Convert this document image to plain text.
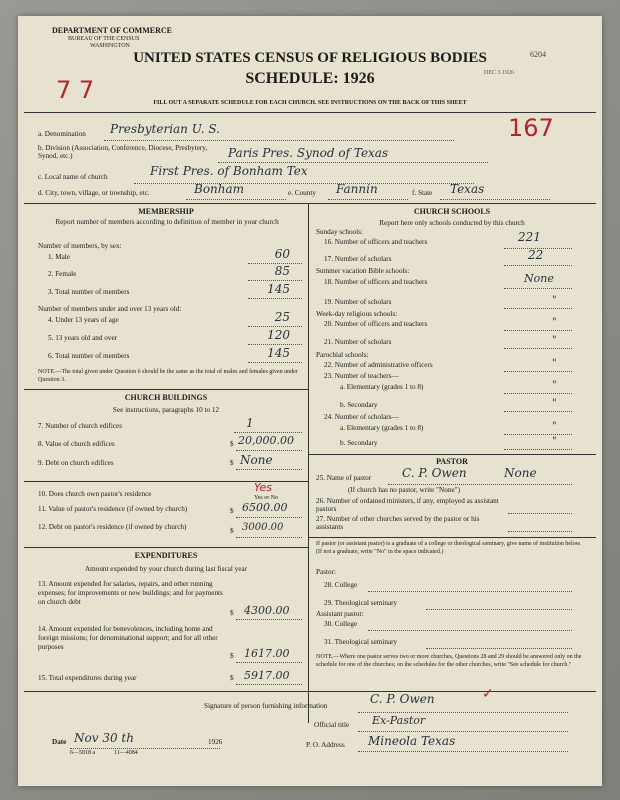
DEPARTMENT OF COMMERCE
BUREAU OF THE CENSUS
WASHINGTON
UNITED STATES CENSUS OF RELIGIOUS BODIES
SCHEDULE: 1926
FILL OUT A SEPARATE SCHEDULE FOR EACH CHURCH. SEE INSTRUCTIONS ON THE BACK OF THIS SHEET
6204
DEC 3 1926
7 7
167
a. Denomination Presbyterian U. S.
b. Division (Association, Conference, Diocese, Presbytery, Synod, etc.)	Paris Pres. Synod of Texas
c. Local name of church	First Pres. of Bonham Tex
d. City, town, village, or township, etc.	Bonham	e. County Fannin	f. State Texas
MEMBERSHIP
Report number of members according to definition of member in your church
Number of members, by sex:
1. Male	60
2. Female	85
3. Total number of members	145
Number of members under and over 13 years old:
4. Under 13 years of age	25
5. 13 years old and over	120
6. Total number of members	145
NOTE.—The total given under Question 6 should be the same as the total of males and females given under Question 3.
CHURCH BUILDINGS
See instructions, paragraphs 10 to 12
7. Number of church edifices	1
8. Value of church edifices	$ 20,000.00
9. Debt on church edifices	$ None
10. Does church own pastor's residence	Yes
Yes or No
11. Value of pastor's residence (if owned by church)	$ 6500.00
12. Debt on pastor's residence (if owned by church)	$ 3000.00
EXPENDITURES
Amount expended by your church during last fiscal year
13. Amount expended for salaries, repairs, and other running expenses; for improvements or new buildings; and for payments on church debt
$ 4300.00
14. Amount expended for benevolences, including home and foreign missions; for denominational support; and for all other purposes
$ 1617.00
15. Total expenditures during year	$ 5917.00
CHURCH SCHOOLS
Report here only schools conducted by this church
Sunday schools:
16. Number of officers and teachers	221
17. Number of scholars	22
Summer vacation Bible schools:
18. Number of officers and teachers	None
19. Number of scholars	"
Week-day religious schools:
20. Number of officers and teachers	"
21. Number of scholars	"
Parochial schools:
22. Number of administrative officers	"
23. Number of teachers—
a. Elementary (grades 1 to 8)	"
b. Secondary	"
24. Number of scholars—
a. Elementary (grades 1 to 8)	"
b. Secondary	"
PASTOR
25. Name of pastor	C. P. Owen	None
(If church has no pastor, write "None")
26. Number of ordained ministers, if any, employed as assistant pastors
27. Number of other churches served by the pastor or his assistants
If pastor (or assistant pastor) is a graduate of a college or theological seminary, give name of institution below. (If not a graduate, write "No" in the space indicated.)
Pastor:
28. College
29. Theological seminary
Assistant pastor:
30. College
31. Theological seminary
NOTE.—Where one pastor serves two or more churches, Questions 28 and 29 should be answered only on the schedule for one of the churches; on the schedules for the other churches, write "See schedule for church."
Signature of person furnishing information	C. P. Owen	✓
Official title Ex-Pastor
Date Nov 30 th	1926
6—5818 a	11—4084
P. O. Address Mineola Texas
